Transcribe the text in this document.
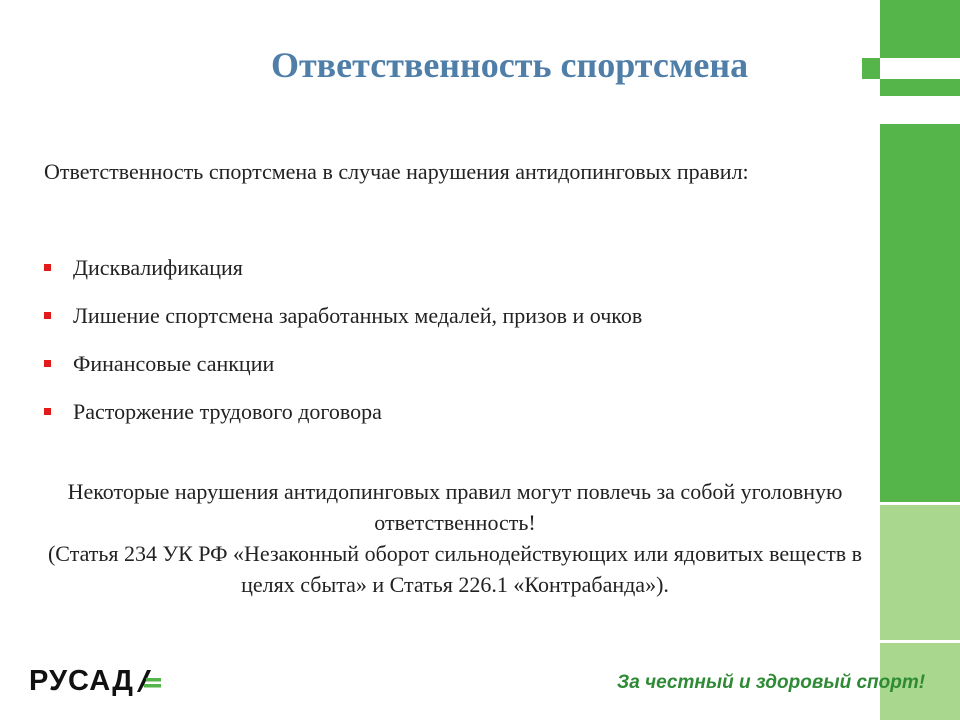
Ответственность спортсмена

Ответственность спортсмена в случае нарушения антидопинговых правил:

Дисквалификация
Лишение спортсмена заработанных медалей, призов и очков
Финансовые санкции
Расторжение трудового договора

Некоторые нарушения антидопинговых правил могут повлечь за собой уголовную ответственность!

(Статья 234 УК РФ «Незаконный оборот сильнодействующих или ядовитых веществ в целях сбыта» и Статья 226.1 «Контрабанда»).

РУСАД	За честный и здоровый спорт!
